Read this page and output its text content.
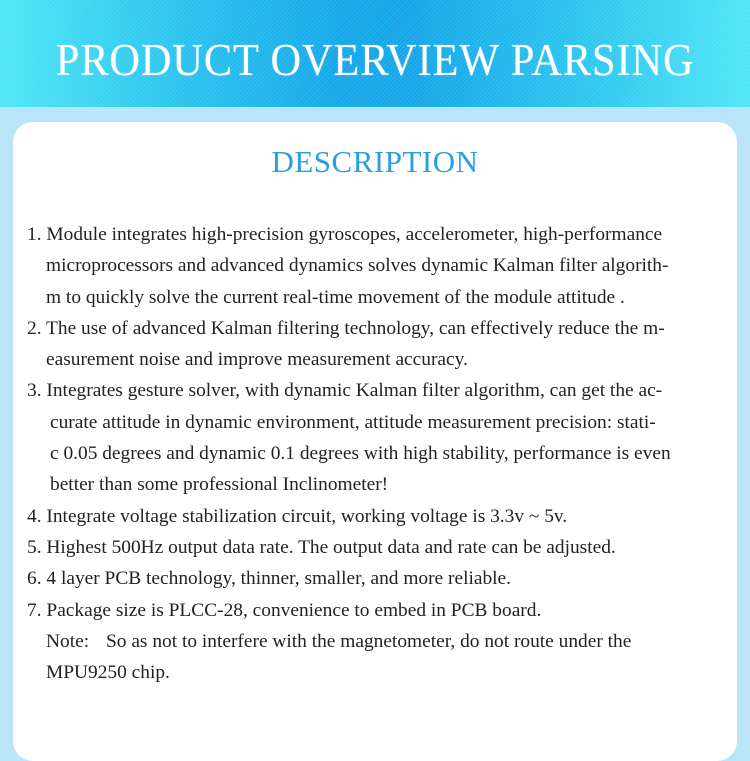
PRODUCT OVERVIEW PARSING
DESCRIPTION
1. Module integrates high-precision gyroscopes, accelerometer, high-performance
microprocessors and advanced dynamics solves dynamic Kalman filter algorith-
m to quickly solve the current real-time movement of the module attitude .
2. The use of advanced Kalman filtering technology, can effectively reduce the m-
easurement noise and improve measurement accuracy.
3. Integrates gesture solver, with dynamic Kalman filter algorithm, can get the ac-
curate attitude in dynamic environment, attitude measurement precision: stati-
c 0.05 degrees and dynamic 0.1 degrees with high stability, performance is even
better than some professional Inclinometer!
4. Integrate voltage stabilization circuit, working voltage is 3.3v ~ 5v.
5. Highest 500Hz output data rate. The output data and rate can be adjusted.
6. 4 layer PCB technology, thinner, smaller, and more reliable.
7. Package size is PLCC-28, convenience to embed in PCB board.
Note: So as not to interfere with the magnetometer, do not route under the
MPU9250 chip.
